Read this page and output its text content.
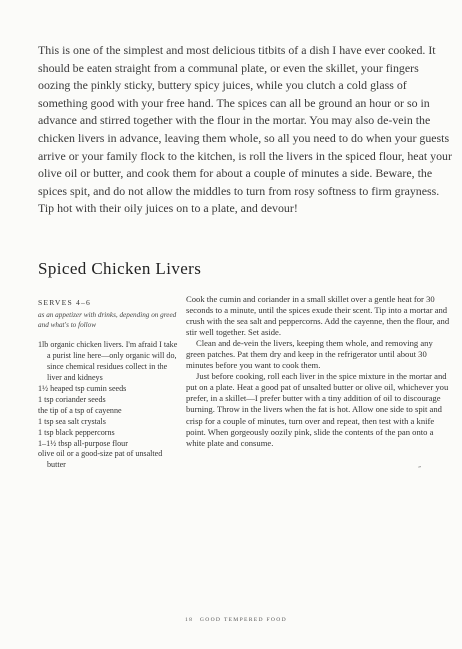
This is one of the simplest and most delicious titbits of a dish I have ever cooked. It should be eaten straight from a communal plate, or even the skillet, your fingers oozing the pinkly sticky, buttery spicy juices, while you clutch a cold glass of something good with your free hand. The spices can all be ground an hour or so in advance and stirred together with the flour in the mortar. You may also de-vein the chicken livers in advance, leaving them whole, so all you need to do when your guests arrive or your family flock to the kitchen, is roll the livers in the spiced flour, heat your olive oil or butter, and cook them for about a couple of minutes a side. Beware, the spices spit, and do not allow the middles to turn from rosy softness to firm grayness. Tip hot with their oily juices on to a plate, and devour!

Spiced Chicken Livers
SERVES 4–6
as an appetizer with drinks, depending on greed and what's to follow
1lb organic chicken livers. I'm afraid I take a purist line here—only organic will do, since chemical residues collect in the liver and kidneys
1½ heaped tsp cumin seeds
1 tsp coriander seeds
the tip of a tsp of cayenne
1 tsp sea salt crystals
1 tsp black peppercorns
1–1½ tbsp all-purpose flour
olive oil or a good-size pat of unsalted butter

Cook the cumin and coriander in a small skillet over a gentle heat for 30 seconds to a minute, until the spices exude their scent. Tip into a mortar and crush with the sea salt and peppercorns. Add the cayenne, then the flour, and stir well together. Set aside.

Clean and de-vein the livers, keeping them whole, and removing any green patches. Pat them dry and keep in the refrigerator until about 30 minutes before you want to cook them.

Just before cooking, roll each liver in the spice mixture in the mortar and put on a plate. Heat a good pat of unsalted butter or olive oil, whichever you prefer, in a skillet—I prefer butter with a tiny addition of oil to discourage burning. Throw in the livers when the fat is hot. Allow one side to spit and crisp for a couple of minutes, turn over and repeat, then test with a knife point. When gorgeously oozily pink, slide the contents of the pan onto a white plate and consume.

”
18 GOOD TEMPERED FOOD
